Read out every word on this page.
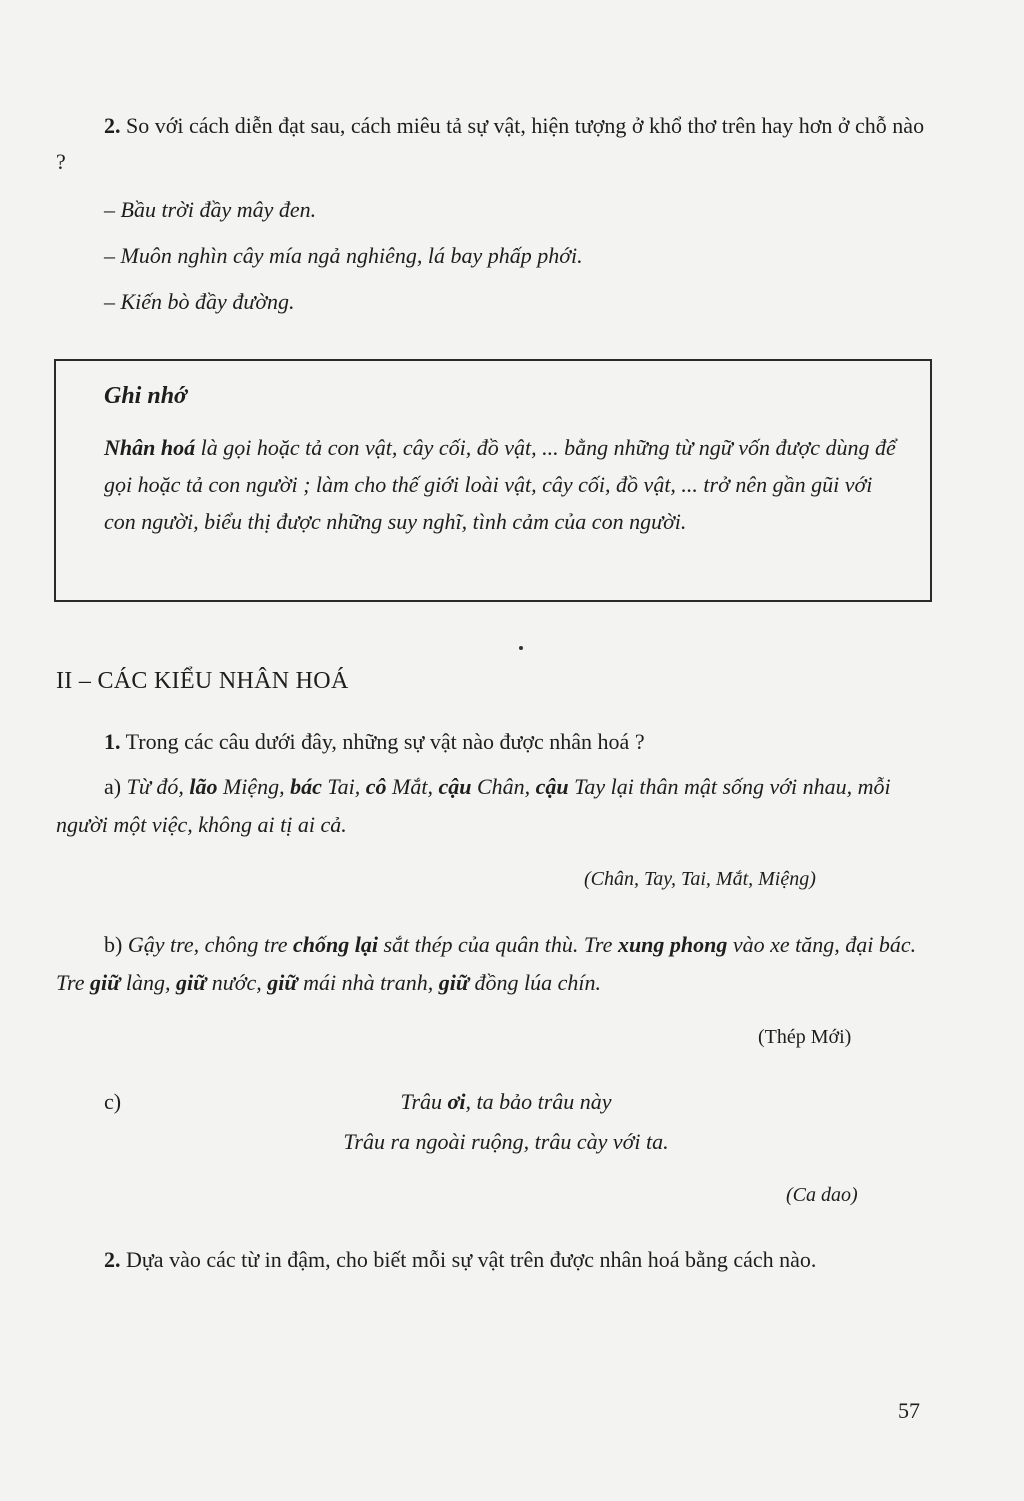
2. So với cách diễn đạt sau, cách miêu tả sự vật, hiện tượng ở khổ thơ trên hay hơn ở chỗ nào ?

– Bầu trời đầy mây đen.

– Muôn nghìn cây mía ngả nghiêng, lá bay phấp phới.

– Kiến bò đầy đường.

Ghi nhớ
Nhân hoá là gọi hoặc tả con vật, cây cối, đồ vật, ... bằng những từ ngữ vốn được dùng để gọi hoặc tả con người ; làm cho thế giới loài vật, cây cối, đồ vật, ... trở nên gần gũi với con người, biểu thị được những suy nghĩ, tình cảm của con người.
II – CÁC KIỂU NHÂN HOÁ

1. Trong các câu dưới đây, những sự vật nào được nhân hoá ?

a) Từ đó, lão Miệng, bác Tai, cô Mắt, cậu Chân, cậu Tay lại thân mật sống với nhau, mỗi người một việc, không ai tị ai cả.

(Chân, Tay, Tai, Mắt, Miệng)

b) Gậy tre, chông tre chống lại sắt thép của quân thù. Tre xung phong vào xe tăng, đại bác. Tre giữ làng, giữ nước, giữ mái nhà tranh, giữ đồng lúa chín.

(Thép Mới)
c)	Trâu ơi, ta bảo trâu này
Trâu ra ngoài ruộng, trâu cày với ta.
(Ca dao)

2. Dựa vào các từ in đậm, cho biết mỗi sự vật trên được nhân hoá bằng cách nào.

57
